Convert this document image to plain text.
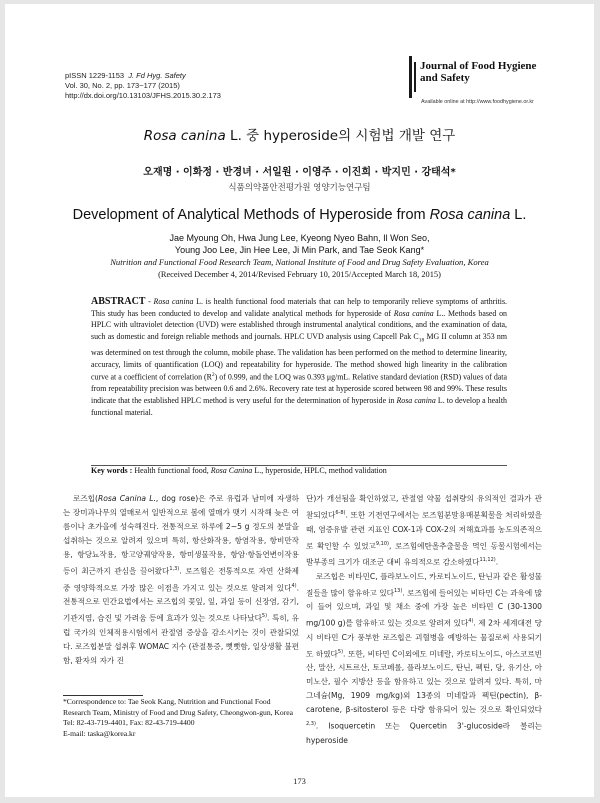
pISSN 1229-1153 J. Fd Hyg. Safety
Vol. 30, No. 2, pp. 173~177 (2015)
http://dx.doi.org/10.13103/JFHS.2015.30.2.173
Journal of Food Hygiene
and Safety
Available online at http://www.foodhygiene.or.kr
Rosa canina L. 중 hyperoside의 시험법 개발 연구
오재명 · 이화정 · 반경녀 · 서일원 · 이영주 · 이진희 · 박지민 · 강태석*
식품의약품안전평가원 영양기능연구팀
Development of Analytical Methods of Hyperoside from Rosa canina L.
Jae Myoung Oh, Hwa Jung Lee, Kyeong Nyeo Bahn, Il Won Seo,
Young Joo Lee, Jin Hee Lee, Ji Min Park, and Tae Seok Kang*
Nutrition and Functional Food Research Team, National Institute of Food and Drug Safety Evaluation, Korea
(Received December 4, 2014/Revised February 10, 2015/Accepted March 18, 2015)
ABSTRACT - Rosa canina L. is health functional food materials that can help to temporarily relieve symptoms of arthritis. This study has been conducted to develop and validate analytical methods for hyperoside of Rosa canina L.. Methods based on HPLC with ultraviolet detection (UVD) were established through instrumental analytical conditions, and the examination of data, such as domestic and foreign reliable methods and journals. HPLC UVD analysis using Capcell Pak $C_{18}$ MG II column at 353 nm was determined on test through the column, mobile phase. The validation has been performed on the method to determine linearity, accuracy, limits of quantification (LOQ) and repeatability for hyperoside. The method showed high linearity in the calibration curve at a coefficient of correlation $(R^2)$ of 0.999, and the LOQ was 0.393 μg/mL. Relative standard deviation (RSD) values of data from repeatability precision was between 0.6 and 2.6%. Recovery rate test at hyperoside scored between 98 and 99%. These results indicate that the established HPLC method is very useful for the determination of hyperoside in Rosa canina L. to develop a health functional material.
Key words : Health functional food, Rosa Canina L., hyperoside, HPLC, method validation

로즈힙(Rosa Canina L., dog rose)은 주로 유럽과 남미에 자생하는 장미과나무의 열매로서 일반적으로 봄에 열매가 맺기 시작해 늦은 여름이나 초가을에 성숙해진다. 전통적으로 하루에 2~5 g 정도의 분말을 섭취하는 것으로 알려져 있으며 특히, 항산화작용, 항염작용, 항비만작용, 항당뇨작용, 항고양궤양작용, 항미생물작용, 항암·항돌연변이작용 등이 최근까지 관심을 끌어왔다$^{1,3)}$. 로즈힙은 전통적으로 자연 산화제 중 영양학적으로 가장 많은 이점을 가지고 있는 것으로 알려져 있다$^{4)}$. 전통적으로 민간요법에서는 로즈힙의 꽃잎, 잎, 과일 등이 신장염, 감기, 기관지염, 습진 및 가려움 등에 효과가 있는 것으로 나타났다$^{5)}$. 특히, 유럽 국가의 인체적용시험에서 관절염 증상을 감소시키는 것이 관찰되었다. 로즈힙분말 섭취후 WOMAC 지수 (관절통증, 뻣뻣함, 일상생활 불편함, 환자의 자가 진

단)가 개선됨을 확인하였고, 관절염 약물 섭취량의 유의적인 결과가 관찰되었다$^{6-8)}$. 또한 기전연구에서는 로즈힙분말용매분획물을 처리하였을 때, 염증유발 관련 지표인 COX-1과 COX-2의 저해효과를 농도의존적으로 확인할 수 있었고$^{9,10)}$, 로즈힙에탄올추출물을 먹인 동물시험에서는 발부종의 크기가 대조군 대비 유의적으로 감소하였다$^{11,12)}$.

로즈힙은 비타민C, 플라보노이드, 카로티노이드, 탄닌과 같은 활성물질들을 많이 함유하고 있다$^{13)}$. 로즈힙에 들어있는 비타민 C는 과육에 많이 들어 있으며, 과일 및 채소 중에 가장 높은 비타민 C (30-1300 mg/100 g)를 함유하고 있는 것으로 알려져 있다$^{4)}$. 제 2차 세계대전 당시 비타민 C가 풍부한 로즈힙은 괴혈병을 예방하는 물질로써 사용되기도 하였다$^{5)}$. 또한, 비타민 C이외에도 미네랄, 카로티노이드, 아스코르빈산, 말산, 시트르산, 토코페롤, 플라보노이드, 탄닌, 펙틴, 당, 유기산, 아미노산, 필수 지방산 등을 함유하고 있는 것으로 알려져 있다. 특히, 마그네슘(Mg, 1909 mg/kg)외 13종의 미네랄과 펙틴(pectin), β-carotene, β-sitosterol 등은 다량 함유되어 있는 것으로 확인되었다$^{2,3)}$. Isoquercetin 또는 Quercetin 3'-glucoside라 불리는 hyperoside

*Correspondence to: Tae Seok Kang, Nutrition and Functional Food Research Team, Ministry of Food and Drug Safety, Cheongwon-gun, Korea
Tel: 82-43-719-4401, Fax: 82-43-719-4400
E-mail: taska@korea.kr
173
